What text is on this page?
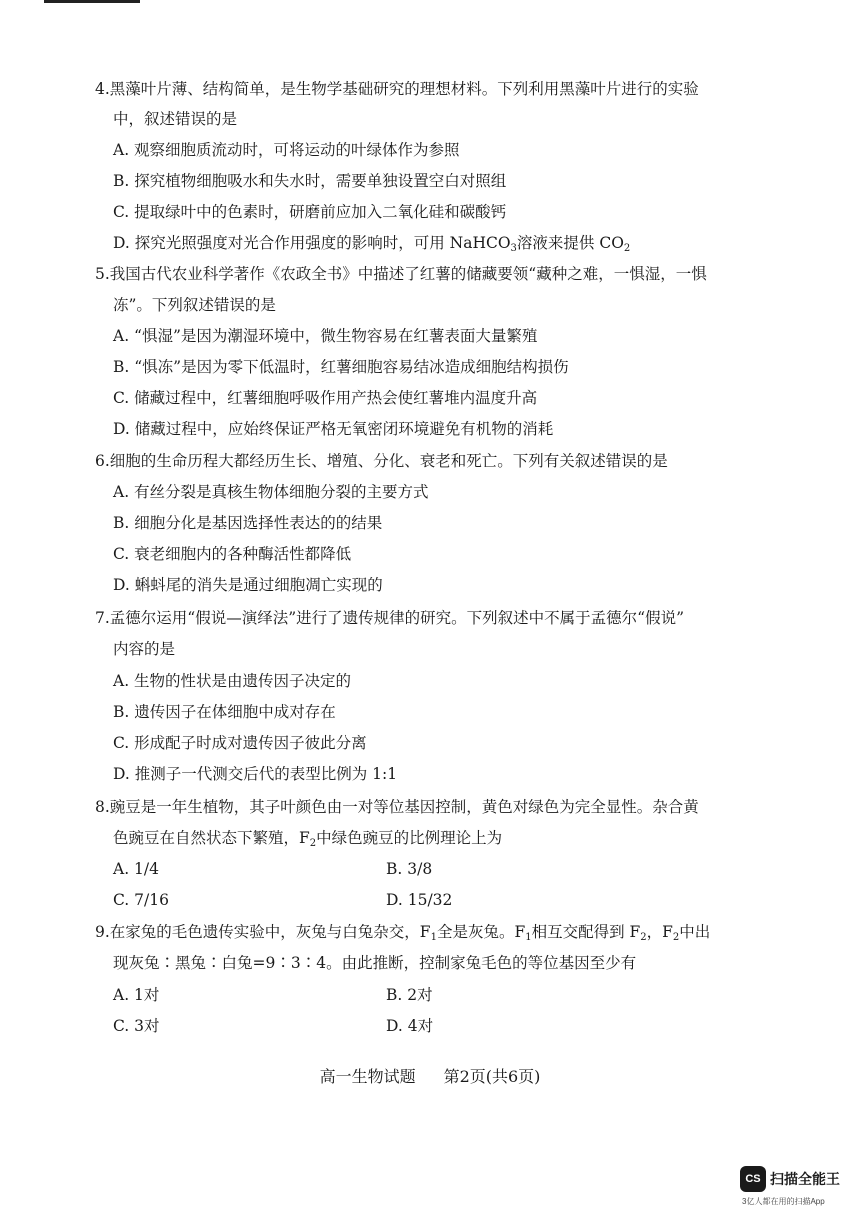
4.黑藻叶片薄、结构简单，是生物学基础研究的理想材料。下列利用黑藻叶片进行的实验
中，叙述错误的是
A. 观察细胞质流动时，可将运动的叶绿体作为参照
B. 探究植物细胞吸水和失水时，需要单独设置空白对照组
C. 提取绿叶中的色素时，研磨前应加入二氧化硅和碳酸钙
D. 探究光照强度对光合作用强度的影响时，可用 NaHCO$_3$溶液来提供 $CO_2$
5.我国古代农业科学著作《农政全书》中描述了红薯的储藏要领“藏种之难，一惧湿，一惧
冻”。下列叙述错误的是
A. “惧湿”是因为潮湿环境中，微生物容易在红薯表面大量繁殖
B. “惧冻”是因为零下低温时，红薯细胞容易结冰造成细胞结构损伤
C. 储藏过程中，红薯细胞呼吸作用产热会使红薯堆内温度升高
D. 储藏过程中，应始终保证严格无氧密闭环境避免有机物的消耗
6.细胞的生命历程大都经历生长、增殖、分化、衰老和死亡。下列有关叙述错误的是
A. 有丝分裂是真核生物体细胞分裂的主要方式
B. 细胞分化是基因选择性表达的的结果
C. 衰老细胞内的各种酶活性都降低
D. 蝌蚪尾的消失是通过细胞凋亡实现的
7.孟德尔运用“假说—演绎法”进行了遗传规律的研究。下列叙述中不属于孟德尔“假说”
内容的是
A. 生物的性状是由遗传因子决定的
B. 遗传因子在体细胞中成对存在
C. 形成配子时成对遗传因子彼此分离
D. 推测子一代测交后代的表型比例为 1:1
8.豌豆是一年生植物，其子叶颜色由一对等位基因控制，黄色对绿色为完全显性。杂合黄
色豌豆在自然状态下繁殖，$F_2$中绿色豌豆的比例理论上为
A. 1/4	B. 3/8
C. 7/16	D. 15/32
9.在家兔的毛色遗传实验中，灰兔与白兔杂交，$F_1$全是灰兔。$F_1$相互交配得到 $F_2$，$F_2$中出
现灰兔∶黑兔∶白兔=9∶3∶4。由此推断，控制家兔毛色的等位基因至少有
A. 1对	B. 2对
C. 3对	D. 4对
高一生物试题 第2页(共6页)
CS 扫描全能王
3亿人都在用的扫描App
